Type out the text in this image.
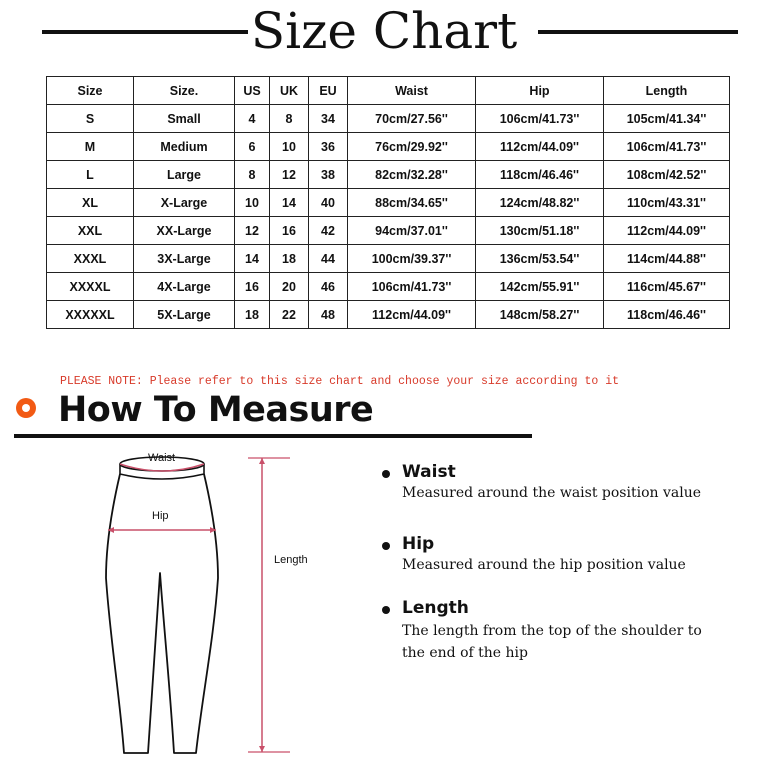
Size Chart
Size	Size.	US	UK	EU	Waist	Hip	Length
S	Small	4	8	34	70cm/27.56''	106cm/41.73''	105cm/41.34''
M	Medium	6	10	36	76cm/29.92''	112cm/44.09''	106cm/41.73''
L	Large	8	12	38	82cm/32.28''	118cm/46.46''	108cm/42.52''
XL	X-Large	10	14	40	88cm/34.65''	124cm/48.82''	110cm/43.31''
XXL	XX-Large	12	16	42	94cm/37.01''	130cm/51.18''	112cm/44.09''
XXXL	3X-Large	14	18	44	100cm/39.37''	136cm/53.54''	114cm/44.88''
XXXXL	4X-Large	16	20	46	106cm/41.73''	142cm/55.91''	116cm/45.67''
XXXXXL	5X-Large	18	22	48	112cm/44.09''	148cm/58.27''	118cm/46.46''
PLEASE NOTE: Please refer to this size chart and choose your size according to it
How To Measure
Waist
Hip
Length
Waist
Measured around the waist position value
Hip
Measured around the hip position value
Length
The length from the top of the shoulder to
the end of the hip
